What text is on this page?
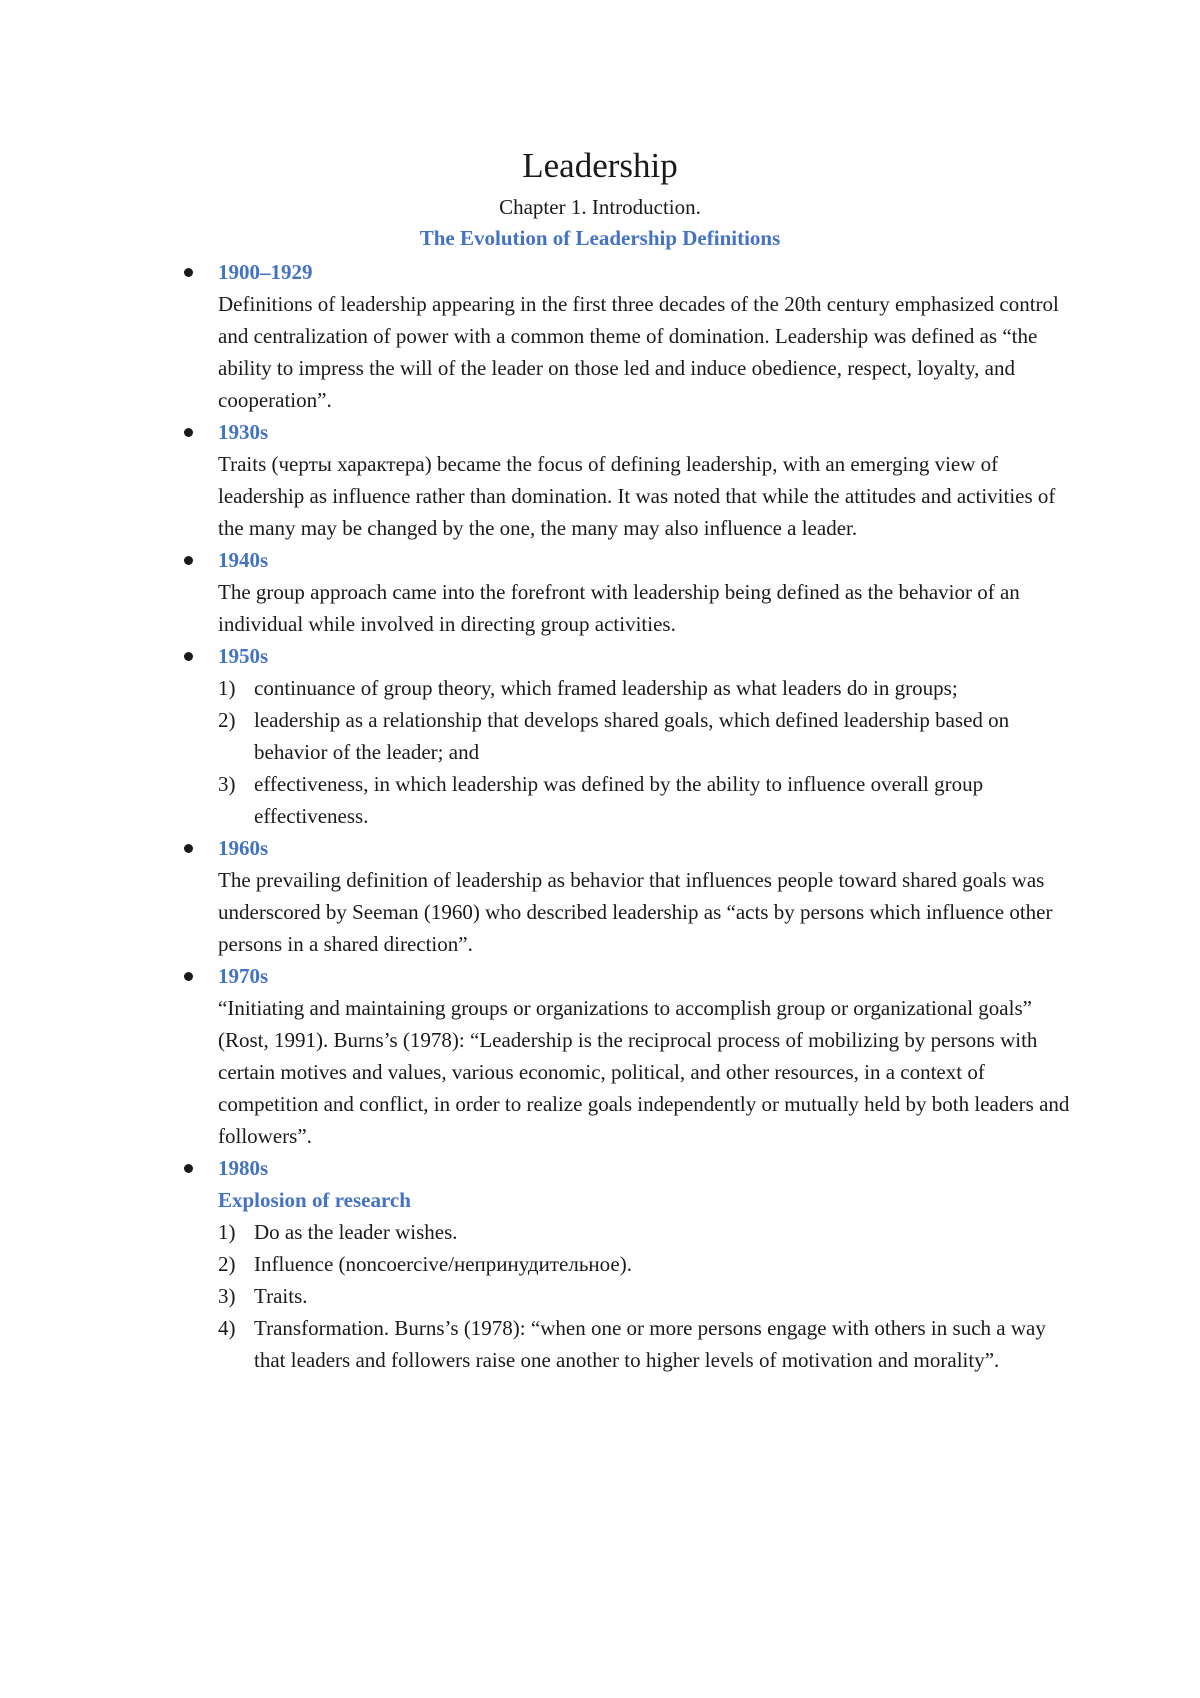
Leadership
Chapter 1. Introduction.
The Evolution of Leadership Definitions
1900–1929
Definitions of leadership appearing in the first three decades of the 20th century emphasized control and centralization of power with a common theme of domination. Leadership was defined as “the ability to impress the will of the leader on those led and induce obedience, respect, loyalty, and cooperation”.
1930s
Traits (черты характера) became the focus of defining leadership, with an emerging view of leadership as influence rather than domination. It was noted that while the attitudes and activities of the many may be changed by the one, the many may also influence a leader.
1940s
The group approach came into the forefront with leadership being defined as the behavior of an individual while involved in directing group activities.
1950s
1) continuance of group theory, which framed leadership as what leaders do in groups;
2) leadership as a relationship that develops shared goals, which defined leadership based on behavior of the leader; and
3) effectiveness, in which leadership was defined by the ability to influence overall group effectiveness.
1960s
The prevailing definition of leadership as behavior that influences people toward shared goals was underscored by Seeman (1960) who described leadership as “acts by persons which influence other persons in a shared direction”.
1970s
“Initiating and maintaining groups or organizations to accomplish group or organizational goals” (Rost, 1991). Burns’s (1978): “Leadership is the reciprocal process of mobilizing by persons with certain motives and values, various economic, political, and other resources, in a context of competition and conflict, in order to realize goals independently or mutually held by both leaders and followers”.
1980s
Explosion of research
1) Do as the leader wishes.
2) Influence (noncoercive/непринудительное).
3) Traits.
4) Transformation. Burns’s (1978): “when one or more persons engage with others in such a way that leaders and followers raise one another to higher levels of motivation and morality”.
